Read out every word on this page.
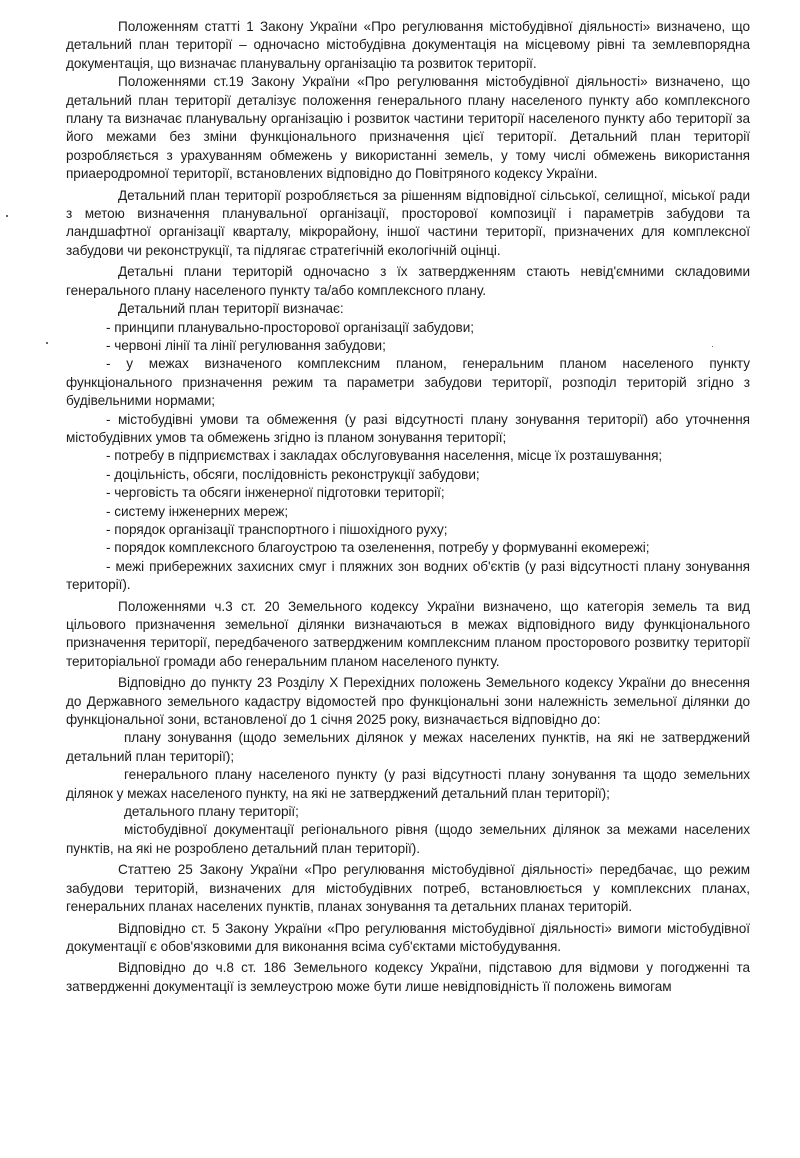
Положенням статті 1 Закону України «Про регулювання містобудівної діяльності» визначено, що детальний план території – одночасно містобудівна документація на місцевому рівні та землевпорядна документація, що визначає планувальну організацію та розвиток території.

Положеннями ст.19 Закону України «Про регулювання містобудівної діяльності» визначено, що детальний план території деталізує положення генерального плану населеного пункту або комплексного плану та визначає планувальну організацію і розвиток частини території населеного пункту або території за його межами без зміни функціонального призначення цієї території. Детальний план території розробляється з урахуванням обмежень у використанні земель, у тому числі обмежень використання приаеродромної території, встановлених відповідно до Повітряного кодексу України.

Детальний план території розробляється за рішенням відповідної сільської, селищної, міської ради з метою визначення планувальної організації, просторової композиції і параметрів забудови та ландшафтної організації кварталу, мікрорайону, іншої частини території, призначених для комплексної забудови чи реконструкції, та підлягає стратегічній екологічній оцінці.

Детальні плани територій одночасно з їх затвердженням стають невід'ємними складовими генерального плану населеного пункту та/або комплексного плану.

Детальний план території визначає:

- принципи планувально-просторової організації забудови;

- червоні лінії та лінії регулювання забудови;

- у межах визначеного комплексним планом, генеральним планом населеного пункту функціонального призначення режим та параметри забудови території, розподіл територій згідно з будівельними нормами;

- містобудівні умови та обмеження (у разі відсутності плану зонування території) або уточнення містобудівних умов та обмежень згідно із планом зонування території;

- потребу в підприємствах і закладах обслуговування населення, місце їх розташування;

- доцільність, обсяги, послідовність реконструкції забудови;

- черговість та обсяги інженерної підготовки території;

- систему інженерних мереж;

- порядок організації транспортного і пішохідного руху;

- порядок комплексного благоустрою та озеленення, потребу у формуванні екомережі;

- межі прибережних захисних смуг і пляжних зон водних об'єктів (у разі відсутності плану зонування території).

Положеннями ч.3 ст. 20 Земельного кодексу України визначено, що категорія земель та вид цільового призначення земельної ділянки визначаються в межах відповідного виду функціонального призначення території, передбаченого затвердженим комплексним планом просторового розвитку території територіальної громади або генеральним планом населеного пункту.

Відповідно до пункту 23 Розділу X Перехідних положень Земельного кодексу України до внесення до Державного земельного кадастру відомостей про функціональні зони належність земельної ділянки до функціональної зони, встановленої до 1 січня 2025 року, визначається відповідно до:

плану зонування (щодо земельних ділянок у межах населених пунктів, на які не затверджений детальний план території);

генерального плану населеного пункту (у разі відсутності плану зонування та щодо земельних ділянок у межах населеного пункту, на які не затверджений детальний план території);

детального плану території;

містобудівної документації регіонального рівня (щодо земельних ділянок за межами населених пунктів, на які не розроблено детальний план території).

Статтею 25 Закону України «Про регулювання містобудівної діяльності» передбачає, що режим забудови територій, визначених для містобудівних потреб, встановлюється у комплексних планах, генеральних планах населених пунктів, планах зонування та детальних планах територій.

Відповідно ст. 5 Закону України «Про регулювання містобудівної діяльності» вимоги містобудівної документації є обов'язковими для виконання всіма суб'єктами містобудування.

Відповідно до ч.8 ст. 186 Земельного кодексу України, підставою для відмови у погодженні та затвердженні документації із землеустрою може бути лише невідповідність її положень вимогам
